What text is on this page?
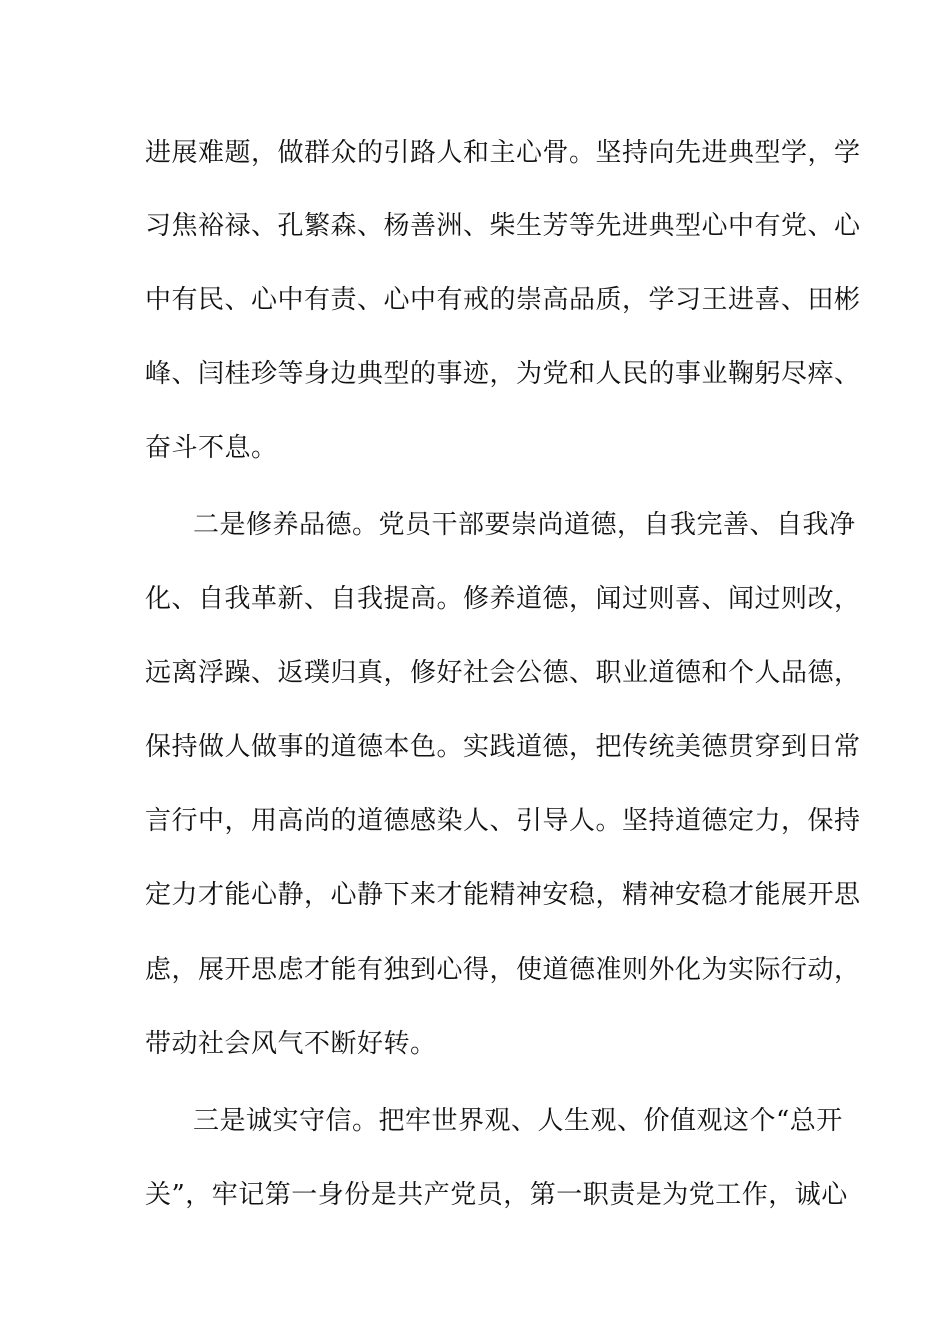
进展难题，做群众的引路人和主心骨。坚持向先进典型学，学
习焦裕禄、孔繁森、杨善洲、柴生芳等先进典型心中有党、心
中有民、心中有责、心中有戒的崇高品质，学习王进喜、田彬
峰、闫桂珍等身边典型的事迹，为党和人民的事业鞠躬尽瘁、
奋斗不息。
二是修养品德。党员干部要崇尚道德，自我完善、自我净
化、自我革新、自我提高。修养道德，闻过则喜、闻过则改，
远离浮躁、返璞归真，修好社会公德、职业道德和个人品德，
保持做人做事的道德本色。实践道德，把传统美德贯穿到日常
言行中，用高尚的道德感染人、引导人。坚持道德定力，保持
定力才能心静，心静下来才能精神安稳，精神安稳才能展开思
虑，展开思虑才能有独到心得，使道德准则外化为实际行动，
带动社会风气不断好转。
三是诚实守信。把牢世界观、人生观、价值观这个“总开
关”，牢记第一身份是共产党员，第一职责是为党工作，诚心
